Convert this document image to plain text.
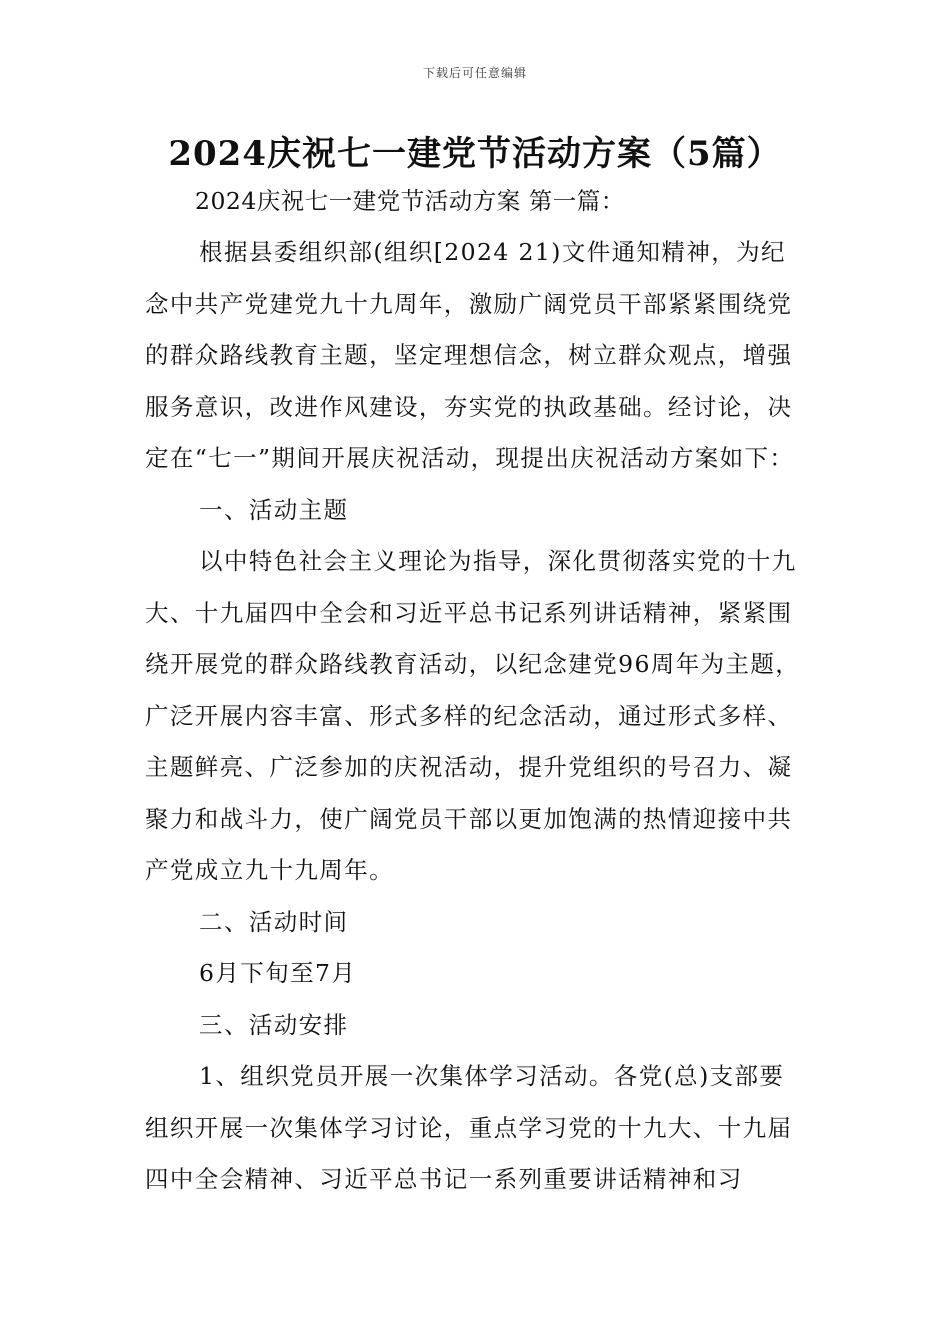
下载后可任意编辑
2024庆祝七一建党节活动方案（5篇）
2024庆祝七一建党节活动方案 第一篇：

根据县委组织部(组织[2024 21)文件通知精神，为纪念中共产党建党九十九周年，激励广阔党员干部紧紧围绕党的群众路线教育主题，坚定理想信念，树立群众观点，增强服务意识，改进作风建设，夯实党的执政基础。经讨论，决定在“七一”期间开展庆祝活动，现提出庆祝活动方案如下：

一、活动主题

以中特色社会主义理论为指导，深化贯彻落实党的十九大、十九届四中全会和习近平总书记系列讲话精神，紧紧围绕开展党的群众路线教育活动，以纪念建党96周年为主题，广泛开展内容丰富、形式多样的纪念活动，通过形式多样、主题鲜亮、广泛参加的庆祝活动，提升党组织的号召力、凝聚力和战斗力，使广阔党员干部以更加饱满的热情迎接中共产党成立九十九周年。

二、活动时间

6月下旬至7月

三、活动安排

1、组织党员开展一次集体学习活动。各党(总)支部要组织开展一次集体学习讨论，重点学习党的十九大、十九届四中全会精神、习近平总书记一系列重要讲话精神和习
